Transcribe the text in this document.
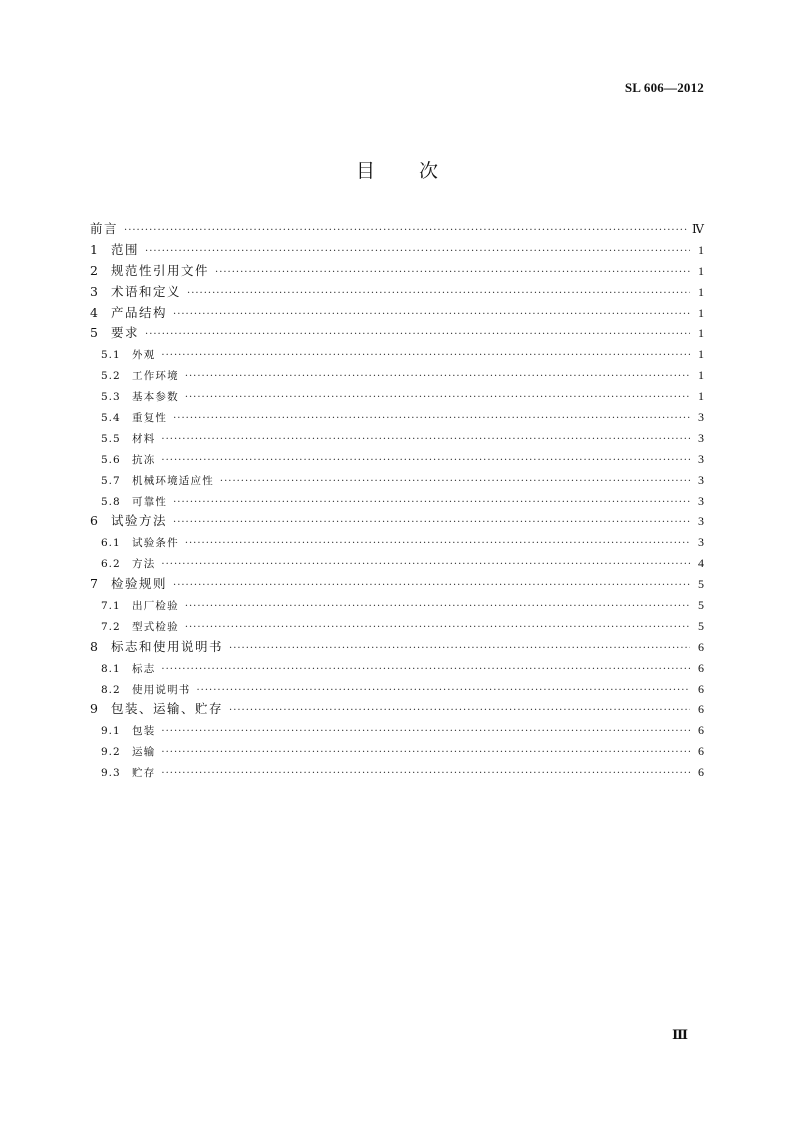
SL 606—2012
目次
前言 ·····	Ⅳ
1	范围 ·····	1
2	规范性引用文件 ·····	1
3	术语和定义 ·····	1
4	产品结构 ·····	1
5	要求 ·····	1
5.1	外观 ·····	1
5.2	工作环境 ·····	1
5.3	基本参数 ·····	1
5.4	重复性 ·····	3
5.5	材料 ·····	3
5.6	抗冻 ·····	3
5.7	机械环境适应性 ·····	3
5.8	可靠性 ·····	3
6	试验方法 ·····	3
6.1	试验条件 ·····	3
6.2	方法 ·····	4
7	检验规则 ·····	5
7.1	出厂检验 ·····	5
7.2	型式检验 ·····	5
8	标志和使用说明书 ·····	6
8.1	标志 ·····	6
8.2	使用说明书 ·····	6
9	包装、运输、贮存 ·····	6
9.1	包装 ·····	6
9.2	运输 ·····	6
9.3	贮存 ·····	6
Ⅲ
